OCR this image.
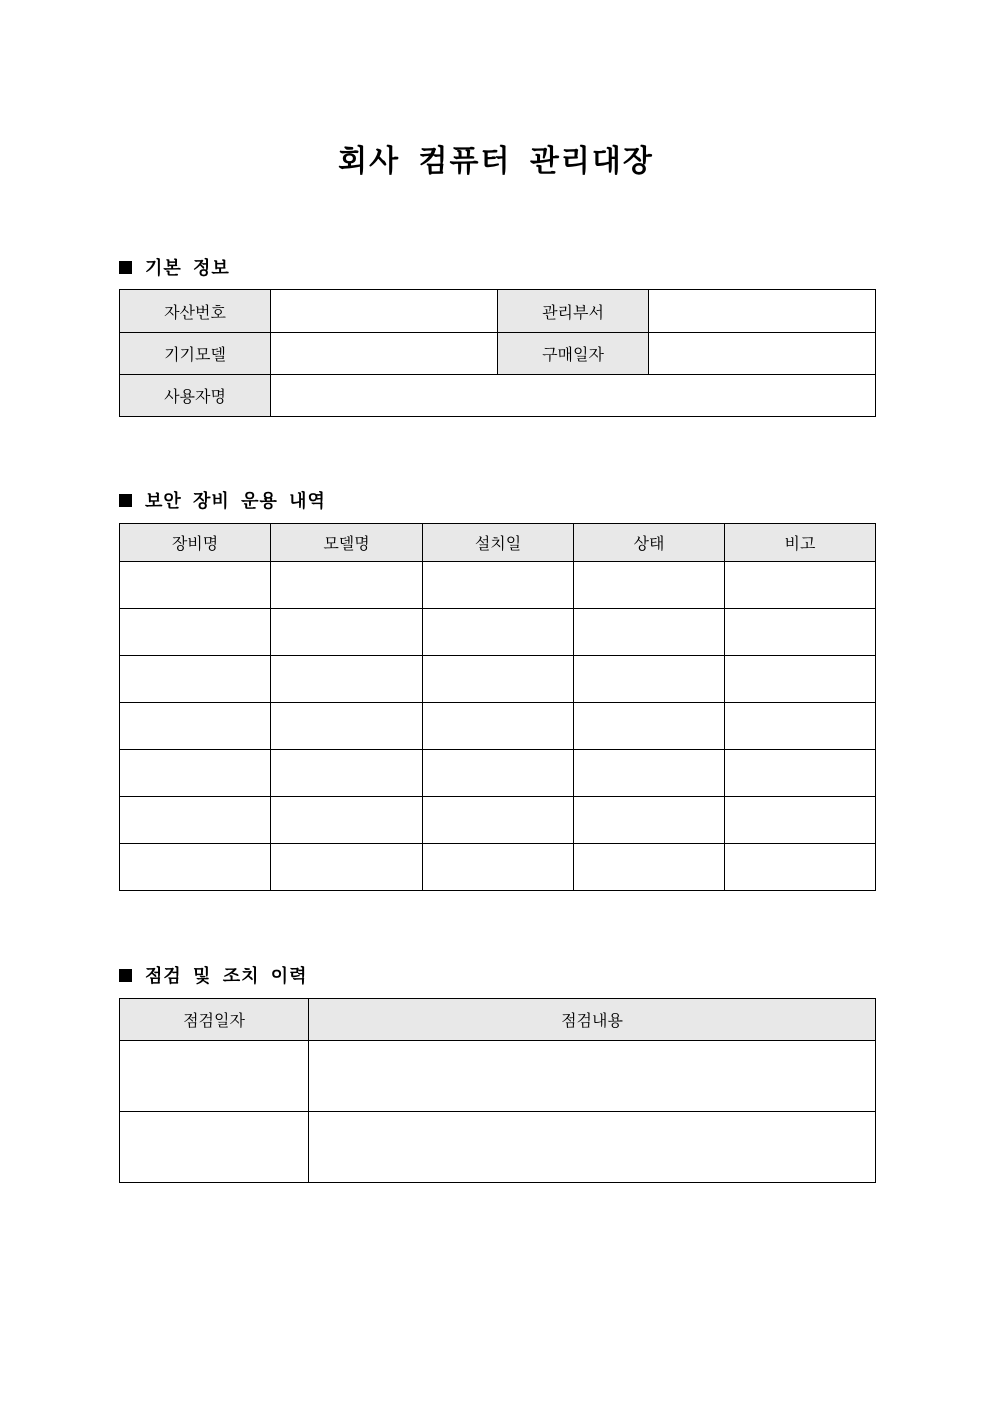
회사 컴퓨터 관리대장
기본 정보
자산번호		관리부서	
기기모델		구매일자	
사용자명			
보안 장비 운용 내역
장비명	모델명	설치일	상태	비고

점검 및 조치 이력
점검일자	점검내용
